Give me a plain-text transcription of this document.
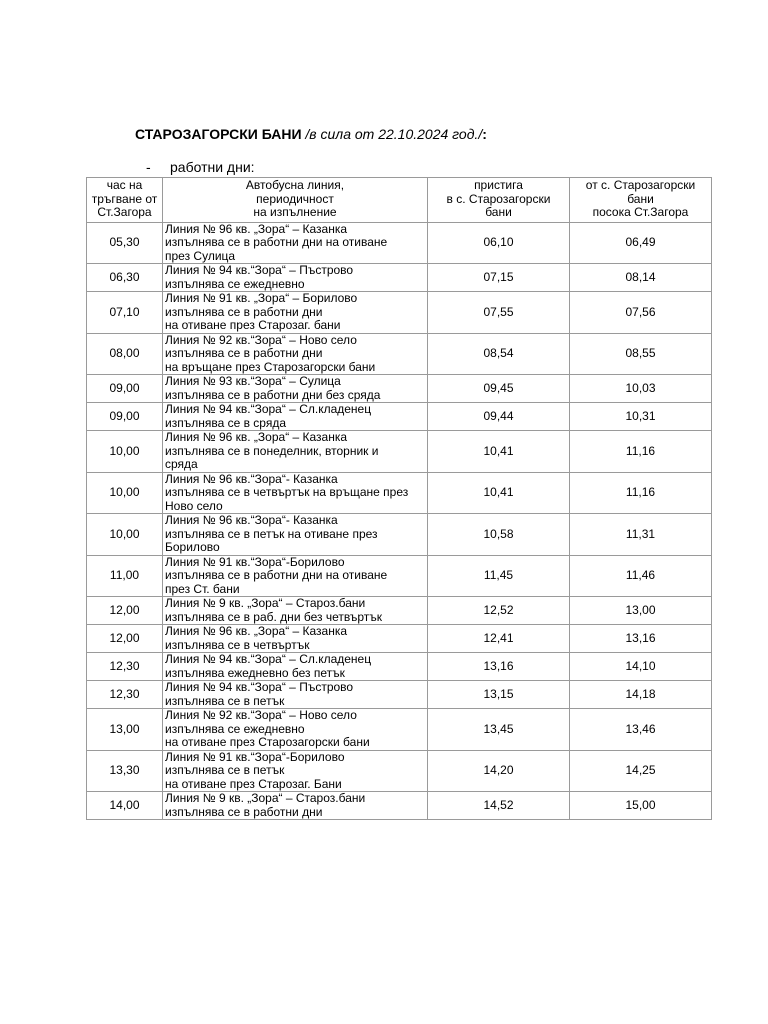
СТАРОЗАГОРСКИ БАНИ /в сила от 22.10.2024 год./:
- работни дни:
час на
тръгване от
Ст.Загора	Автобусна линия,
периодичност
на изпълнение	пристига
в с. Старозагорски
бани	от с. Старозагорски
бани
посока Ст.Загора
05,30	Линия № 96 кв. „Зора“ – Казанка
изпълнява се в работни дни на отиване
през Сулица	06,10	06,49
06,30	Линия № 94 кв.“Зора“ – Пъстрово
изпълнява се ежедневно	07,15	08,14
07,10	Линия № 91 кв. „Зора“ – Борилово
изпълнява се в работни дни
на отиване през Старозаг. бани	07,55	07,56
08,00	Линия № 92 кв.“Зора“ – Ново село
изпълнява се в работни дни
на връщане през Старозагорски бани	08,54	08,55
09,00	Линия № 93 кв.“Зора“ – Сулица
изпълнява се в работни дни без сряда	09,45	10,03
09,00	Линия № 94 кв.“Зора“ – Сл.кладенец
изпълнява се в сряда	09,44	10,31
10,00	Линия № 96 кв. „Зора“ – Казанка
изпълнява се в понеделник, вторник и
сряда	10,41	11,16
10,00	Линия № 96 кв.“Зора“- Казанка
изпълнява се в четвъртък на връщане през
Ново село	10,41	11,16
10,00	Линия № 96 кв.“Зора“- Казанка
изпълнява се в петък на отиване през
Борилово	10,58	11,31
11,00	Линия № 91 кв.“Зора“-Борилово
изпълнява се в работни дни на отиване
през Ст. бани	11,45	11,46
12,00	Линия № 9 кв. „Зора“ – Староз.бани
изпълнява се в раб. дни без четвъртък	12,52	13,00
12,00	Линия № 96 кв. „Зора“ – Казанка
изпълнява се в четвъртък	12,41	13,16
12,30	Линия № 94 кв.“Зора“ – Сл.кладенец
изпълнява ежедневно без петък	13,16	14,10
12,30	Линия № 94 кв.“Зора“ – Пъстрово
изпълнява се в петък	13,15	14,18
13,00	Линия № 92 кв.“Зора“ – Ново село
изпълнява се ежедневно
на отиване през Старозагорски бани	13,45	13,46
13,30	Линия № 91 кв.“Зора“-Борилово
изпълнява се в петък
на отиване през Старозаг. Бани	14,20	14,25
14,00	Линия № 9 кв. „Зора“ – Староз.бани
изпълнява се в работни дни	14,52	15,00
